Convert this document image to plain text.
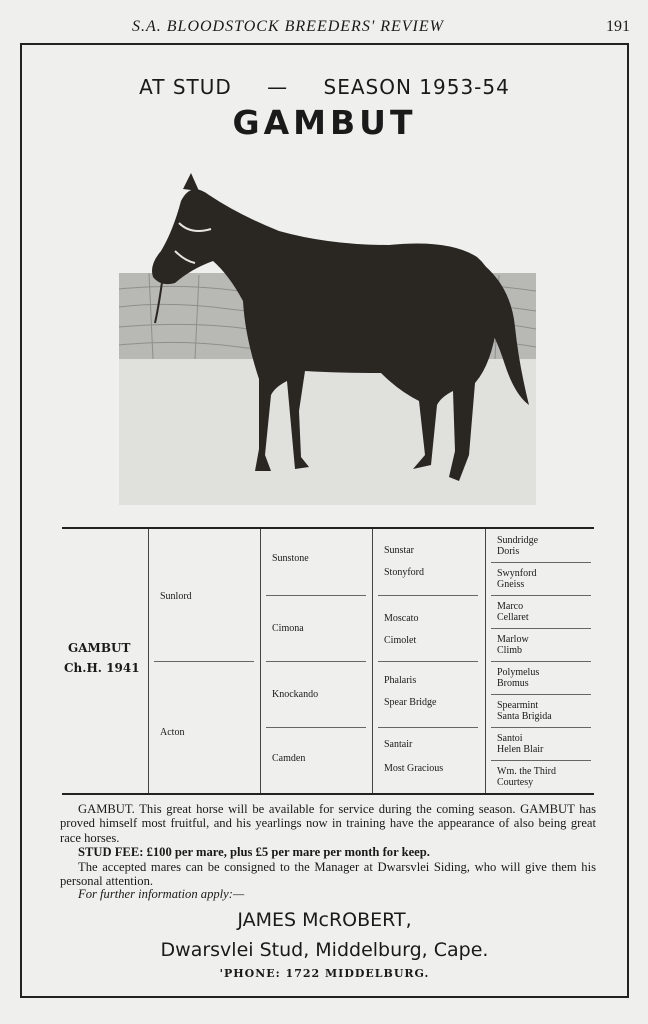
S.A. BLOODSTOCK BREEDERS' REVIEW	191
AT STUD — SEASON 1953-54
GAMBUT
GAMBUT
Ch.H. 1941
Sunlord
Acton
Sunstone
Cimona
Knockando
Camden
Sunstar
Stonyford
Moscato
Cimolet
Phalaris
Spear Bridge
Santair
Most Gracious
Sundridge
Doris
Swynford
Gneiss
Marco
Cellaret
Marlow
Climb
Polymelus
Bromus
Spearmint
Santa Brigida
Santoi
Helen Blair
Wm. the Third
Courtesy

GAMBUT. This great horse will be available for service during the coming season. GAMBUT has proved himself most fruitful, and his yearlings now in training have the appearance of also being great race horses.

STUD FEE: £100 per mare, plus £5 per mare per month for keep.

The accepted mares can be consigned to the Manager at Dwarsvlei Siding, who will give them his personal attention.

For further information apply:—
JAMES McROBERT,
Dwarsvlei Stud, Middelburg, Cape.
'PHONE: 1722 MIDDELBURG.
